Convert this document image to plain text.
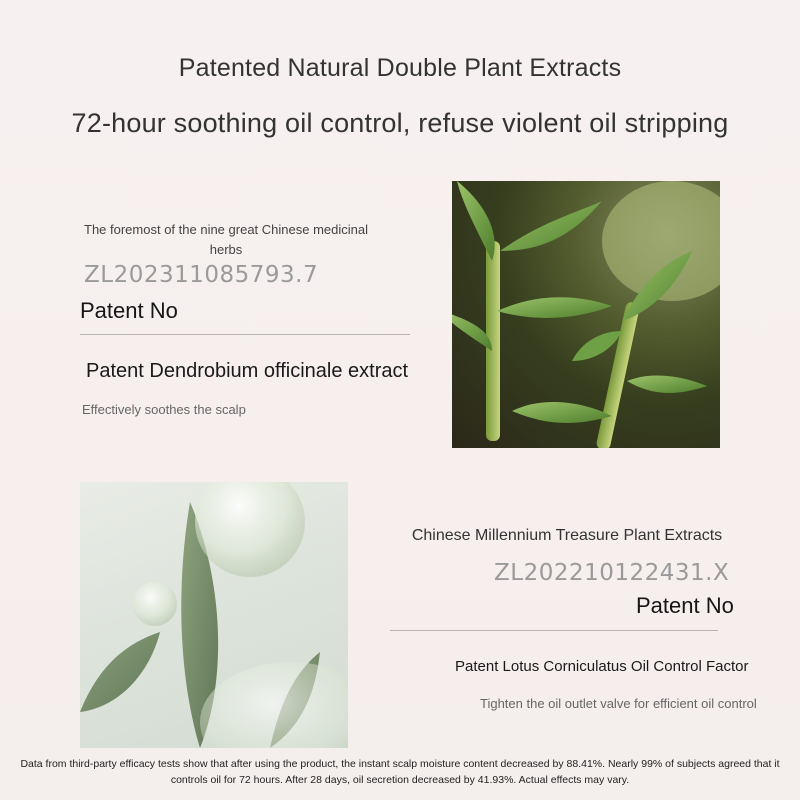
Patented Natural Double Plant Extracts
72-hour soothing oil control, refuse violent oil stripping
The foremost of the nine great Chinese medicinal herbs
ZL202311085793.7
Patent No
Patent Dendrobium officinale extract
Effectively soothes the scalp
Chinese Millennium Treasure Plant Extracts
ZL202210122431.X
Patent No
Patent Lotus Corniculatus Oil Control Factor
Tighten the oil outlet valve for efficient oil control
Data from third-party efficacy tests show that after using the product, the instant scalp moisture content decreased by 88.41%. Nearly 99% of subjects agreed that it controls oil for 72 hours. After 28 days, oil secretion decreased by 41.93%. Actual effects may vary.
